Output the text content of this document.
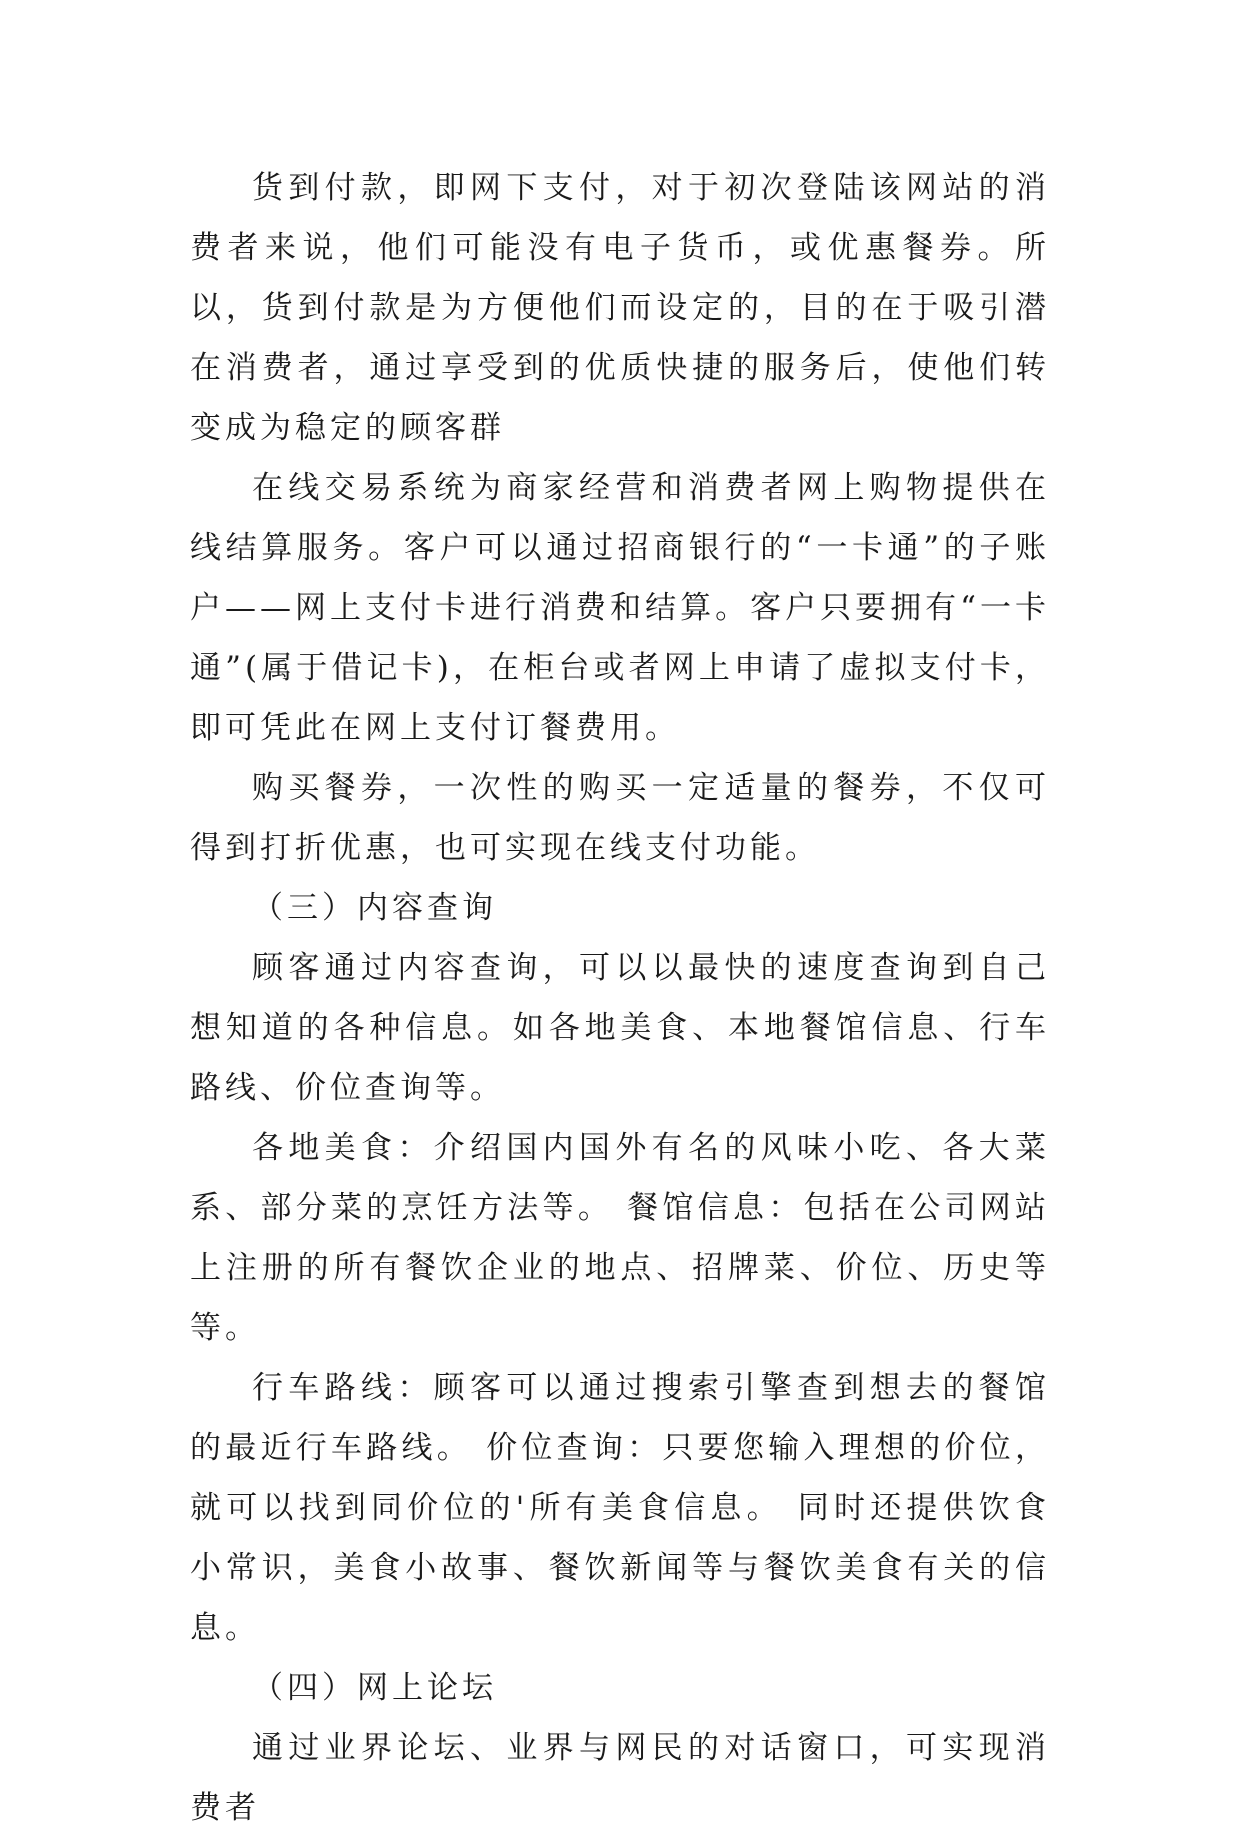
货到付款，即网下支付，对于初次登陆该网站的消费者来说，他们可能没有电子货币，或优惠餐券。所以，货到付款是为方便他们而设定的，目的在于吸引潜在消费者，通过享受到的优质快捷的服务后，使他们转变成为稳定的顾客群

在线交易系统为商家经营和消费者网上购物提供在线结算服务。客户可以通过招商银行的“一卡通”的子账户——网上支付卡进行消费和结算。客户只要拥有“一卡通”(属于借记卡)，在柜台或者网上申请了虚拟支付卡，即可凭此在网上支付订餐费用。

购买餐券，一次性的购买一定适量的餐券，不仅可得到打折优惠，也可实现在线支付功能。

（三）内容查询

顾客通过内容查询，可以以最快的速度查询到自己想知道的各种信息。如各地美食、本地餐馆信息、行车路线、价位查询等。

各地美食：介绍国内国外有名的风味小吃、各大菜系、部分菜的烹饪方法等。 餐馆信息：包括在公司网站上注册的所有餐饮企业的地点、招牌菜、价位、历史等等。

行车路线：顾客可以通过搜索引擎查到想去的餐馆的最近行车路线。 价位查询：只要您输入理想的价位，就可以找到同价位的'所有美食信息。 同时还提供饮食小常识，美食小故事、餐饮新闻等与餐饮美食有关的信息。

（四）网上论坛

通过业界论坛、业界与网民的对话窗口，可实现消费者
